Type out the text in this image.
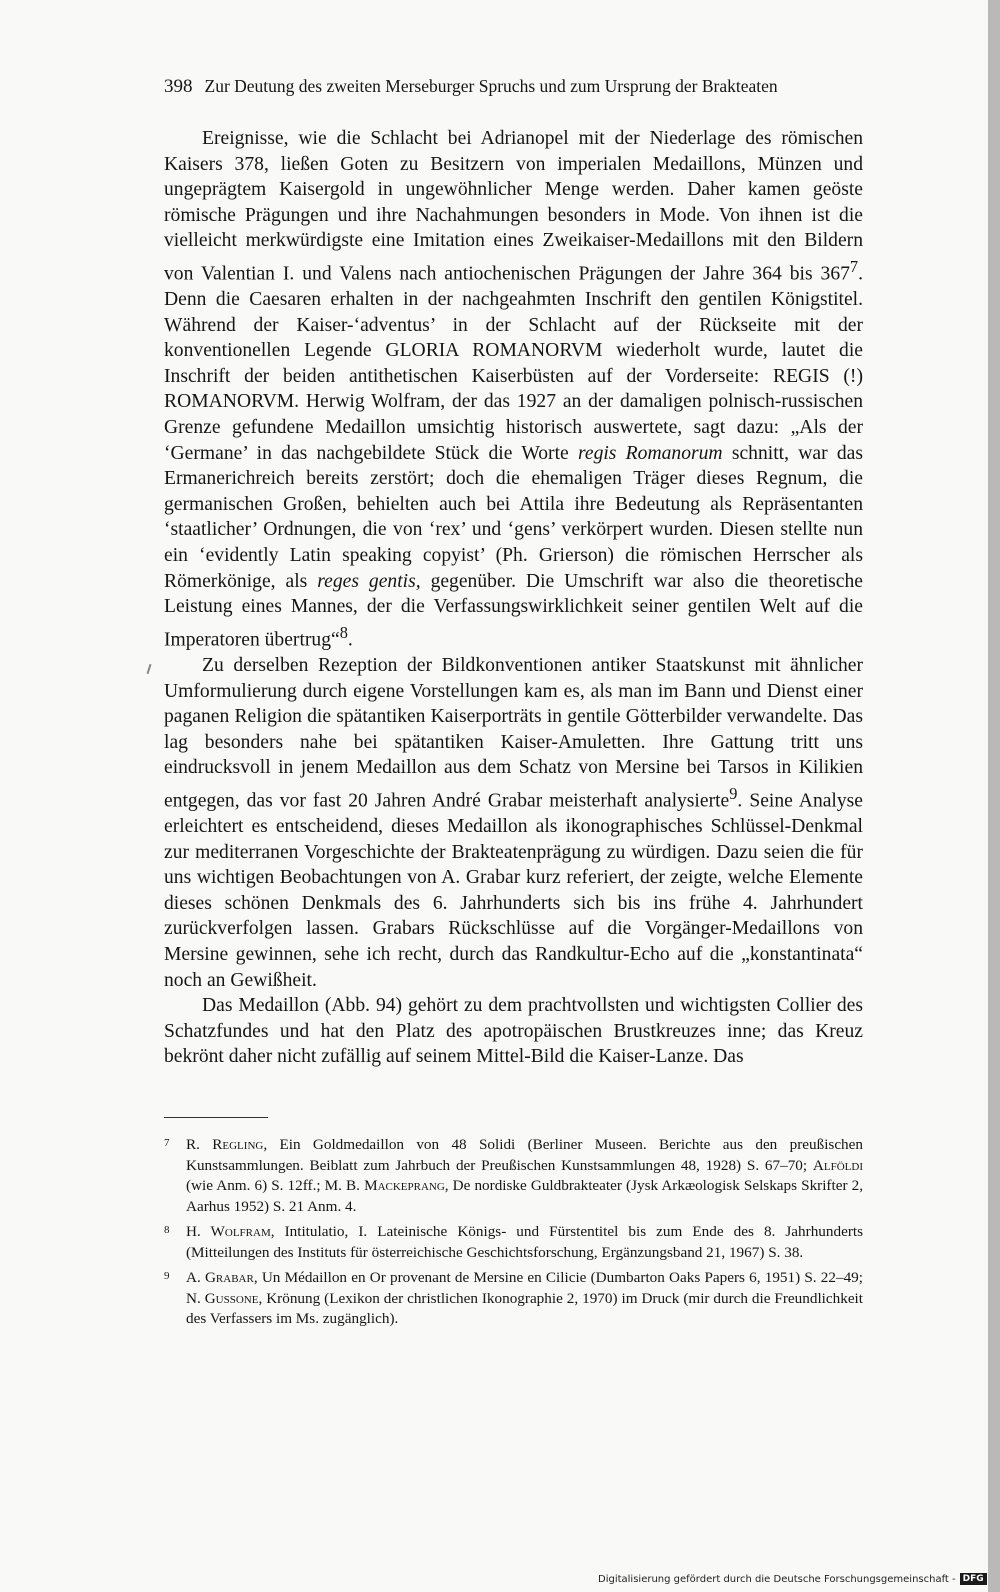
398 Zur Deutung des zweiten Merseburger Spruchs und zum Ursprung der Brakteaten

Ereignisse, wie die Schlacht bei Adrianopel mit der Niederlage des römischen Kaisers 378, ließen Goten zu Besitzern von imperialen Medaillons, Münzen und ungeprägtem Kaisergold in ungewöhnlicher Menge werden. Daher kamen geöste römische Prägungen und ihre Nachahmungen besonders in Mode. Von ihnen ist die vielleicht merkwürdigste eine Imitation eines Zweikaiser-Medaillons mit den Bildern von Valentian I. und Valens nach antiochenischen Prägungen der Jahre 364 bis $367^7$. Denn die Caesaren erhalten in der nachgeahmten Inschrift den gentilen Königstitel. Während der Kaiser-‘adventus’ in der Schlacht auf der Rückseite mit der konventionellen Legende GLORIA ROMANORVM wiederholt wurde, lautet die Inschrift der beiden antithetischen Kaiserbüsten auf der Vorderseite: REGIS (!) ROMANORVM. Herwig Wolfram, der das 1927 an der damaligen polnisch-russischen Grenze gefundene Medaillon umsichtig historisch auswertete, sagt dazu: „Als der ‘Germane’ in das nachgebildete Stück die Worte regis Romanorum schnitt, war das Ermanerichreich bereits zerstört; doch die ehemaligen Träger dieses Regnum, die germanischen Großen, behielten auch bei Attila ihre Bedeutung als Repräsentanten ‘staatlicher’ Ordnungen, die von ‘rex’ und ‘gens’ verkörpert wurden. Diesen stellte nun ein ‘evidently Latin speaking copyist’ (Ph. Grierson) die römischen Herrscher als Römerkönige, als reges gentis, gegenüber. Die Umschrift war also die theoretische Leistung eines Mannes, der die Verfassungswirklichkeit seiner gentilen Welt auf die Imperatoren übertrug“$^8$.

Zu derselben Rezeption der Bildkonventionen antiker Staatskunst mit ähnlicher Umformulierung durch eigene Vorstellungen kam es, als man im Bann und Dienst einer paganen Religion die spätantiken Kaiserporträts in gentile Götterbilder verwandelte. Das lag besonders nahe bei spätantiken Kaiser-Amuletten. Ihre Gattung tritt uns eindrucksvoll in jenem Medaillon aus dem Schatz von Mersine bei Tarsos in Kilikien entgegen, das vor fast 20 Jahren André Grabar meisterhaft analysierte$^9$. Seine Analyse erleichtert es entscheidend, dieses Medaillon als ikonographisches Schlüssel-Denkmal zur mediterranen Vorgeschichte der Brakteatenprägung zu würdigen. Dazu seien die für uns wichtigen Beobachtungen von A. Grabar kurz referiert, der zeigte, welche Elemente dieses schönen Denkmals des 6. Jahrhunderts sich bis ins frühe 4. Jahrhundert zurückverfolgen lassen. Grabars Rückschlüsse auf die Vorgänger-Medaillons von Mersine gewinnen, sehe ich recht, durch das Randkultur-Echo auf die „konstantinata“ noch an Gewißheit.

Das Medaillon (Abb. 94) gehört zu dem prachtvollsten und wichtigsten Collier des Schatzfundes und hat den Platz des apotropäischen Brustkreuzes inne; das Kreuz bekrönt daher nicht zufällig auf seinem Mittel-Bild die Kaiser-Lanze. Das

7 R. Regling, Ein Goldmedaillon von 48 Solidi (Berliner Museen. Berichte aus den preußischen Kunstsammlungen. Beiblatt zum Jahrbuch der Preußischen Kunstsammlungen 48, 1928) S. 67–70; Alföldi (wie Anm. 6) S. 12ff.; M. B. Mackeprang, De nordiske Guldbrakteater (Jysk Arkæologisk Selskaps Skrifter 2, Aarhus 1952) S. 21 Anm. 4.

8 H. Wolfram, Intitulatio, I. Lateinische Königs- und Fürstentitel bis zum Ende des 8. Jahrhunderts (Mitteilungen des Instituts für österreichische Geschichtsforschung, Ergänzungsband 21, 1967) S. 38.

9 A. Grabar, Un Médaillon en Or provenant de Mersine en Cilicie (Dumbarton Oaks Papers 6, 1951) S. 22–49; N. Gussone, Krönung (Lexikon der christlichen Ikonographie 2, 1970) im Druck (mir durch die Freundlichkeit des Verfassers im Ms. zugänglich).

Digitalisierung gefördert durch die Deutsche Forschungsgemeinschaft - DFG
